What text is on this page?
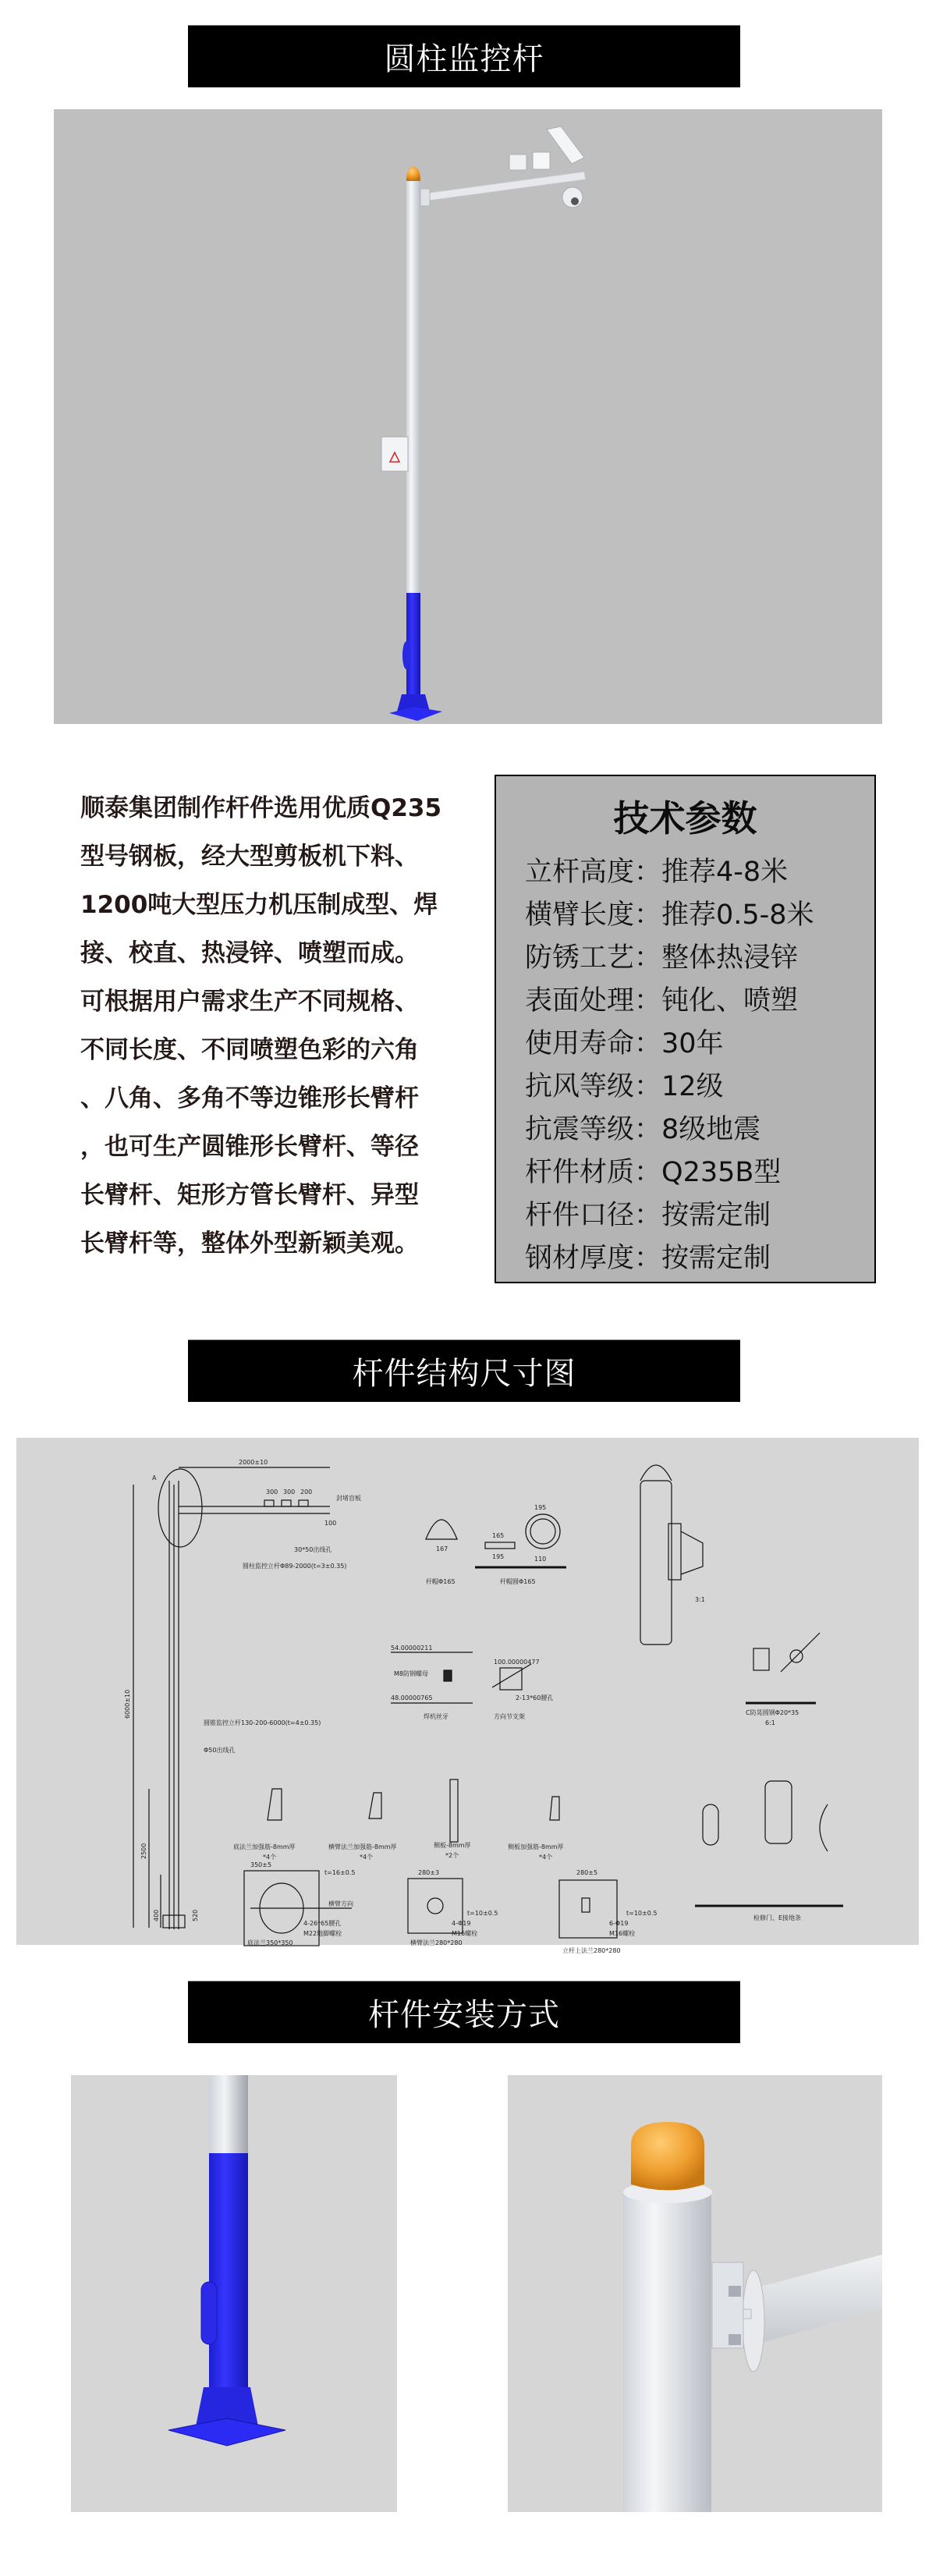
圆柱监控杆
顺泰集团制作杆件选用优质Q235
型号钢板，经大型剪板机下料、
1200吨大型压力机压制成型、焊
接、校直、热浸锌、喷塑而成。
可根据用户需求生产不同规格、
不同长度、不同喷塑色彩的六角
、八角、多角不等边锥形长臂杆
，也可生产圆锥形长臂杆、等径
长臂杆、矩形方管长臂杆、异型
长臂杆等，整体外型新颖美观。
技术参数
立杆高度： 推荐4-8米
横臂长度： 推荐0.5-8米
防锈工艺： 整体热浸锌
表面处理： 钝化、喷塑
使用寿命： 30年
抗风等级： 12级
抗震等级： 8级地震
杆件材质： Q235B型
杆件口径： 按需定制
钢材厚度： 按需定制
杆件结构尺寸图
2000±10
300 300 200
100
封堵盲板
30*50出线孔
圆柱监控立杆Φ89-2000(t=3±0.35)
A
圆锥监控立杆130-200-6000(t=4±0.35)
Φ50出线孔
6000±10
2500
400	520
167
杆帽Φ165	杆帽圆Φ165
195
165
195	110
3:1
54.00000211
48.00000765
M8防钢螺母
焊机丝牙
100.00000477
2-13*60腰孔
方向节支架
C防晃圆钢Φ20*35
6:1
检修门、E接地条
底法兰加强筋-8mm厚
*4个
横臂法兰加强筋-8mm厚
*4个
侧板-8mm厚
*2个
侧板加强筋-8mm厚
*4个
350±5
t=16±0.5
横臂方向
4-26*65腰孔
M22地脚螺栓
底法兰350*350
280±3
t=10±0.5
4-Φ19
M16螺栓
横臂法兰280*280
280±5
t=10±0.5
6-Φ19
M16螺栓
立杆上法兰280*280
杆件安装方式
